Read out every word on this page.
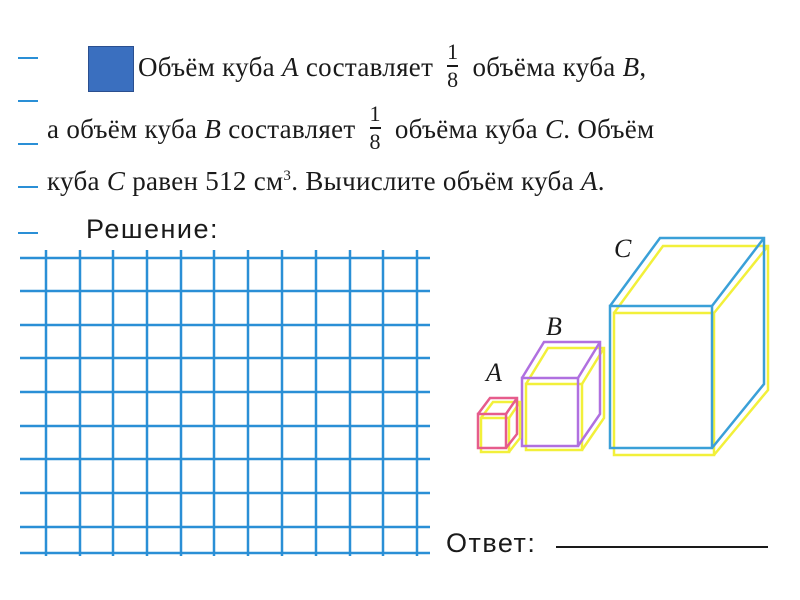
Объём куба A составляет $\frac{1}{8}$ объёма куба B,
а объём куба B составляет $\frac{1}{8}$ объёма куба C. Объём
куба C равен 512 $см^3$. Вычислите объём куба A.
Решение:
A
B
C
Ответ:
